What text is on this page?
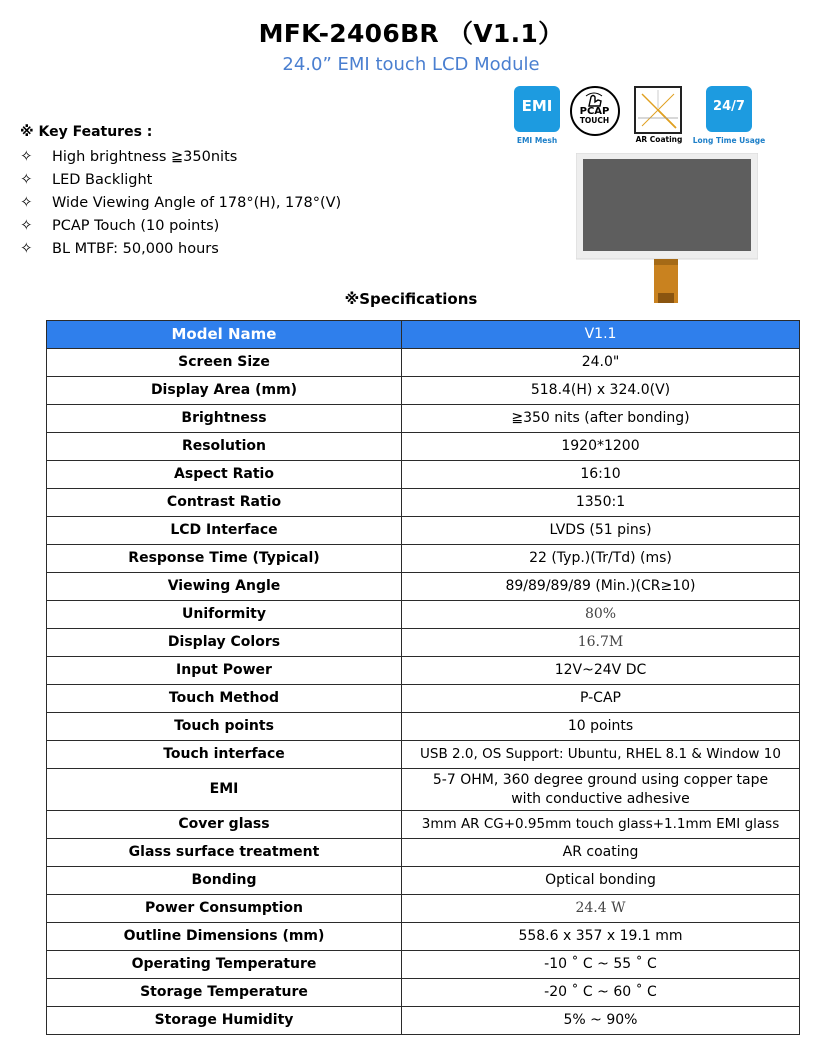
MFK-2406BR （V1.1）
24.0” EMI touch LCD Module
EMI
EMI Mesh
PCAP
TOUCH
AR Coating
24/7
Long Time Usage
※ Key Features :
✧ High brightness ≧350nits
✧ LED Backlight
✧ Wide Viewing Angle of 178°(H), 178°(V)
✧ PCAP Touch (10 points)
✧ BL MTBF: 50,000 hours
※Specifications
Model Name	V1.1
Screen Size	24.0"
Display Area (mm)	518.4(H) x 324.0(V)
Brightness	≧350 nits (after bonding)
Resolution	1920*1200
Aspect Ratio	16:10
Contrast Ratio	1350:1
LCD Interface	LVDS (51 pins)
Response Time (Typical)	22 (Typ.)(Tr/Td) (ms)
Viewing Angle	89/89/89/89 (Min.)(CR≥10)
Uniformity	80%
Display Colors	16.7M
Input Power	12V~24V DC
Touch Method	P-CAP
Touch points	10 points
Touch interface	USB 2.0, OS Support: Ubuntu, RHEL 8.1 & Window 10
EMI	5-7 OHM, 360 degree ground using copper tape with conductive adhesive
Cover glass	3mm AR CG+0.95mm touch glass+1.1mm EMI glass
Glass surface treatment	AR coating
Bonding	Optical bonding
Power Consumption	24.4 W
Outline Dimensions (mm)	558.6 x 357 x 19.1 mm
Operating Temperature	-10 ˚ C ~ 55 ˚ C
Storage Temperature	-20 ˚ C ~ 60 ˚ C
Storage Humidity	5% ~ 90%
